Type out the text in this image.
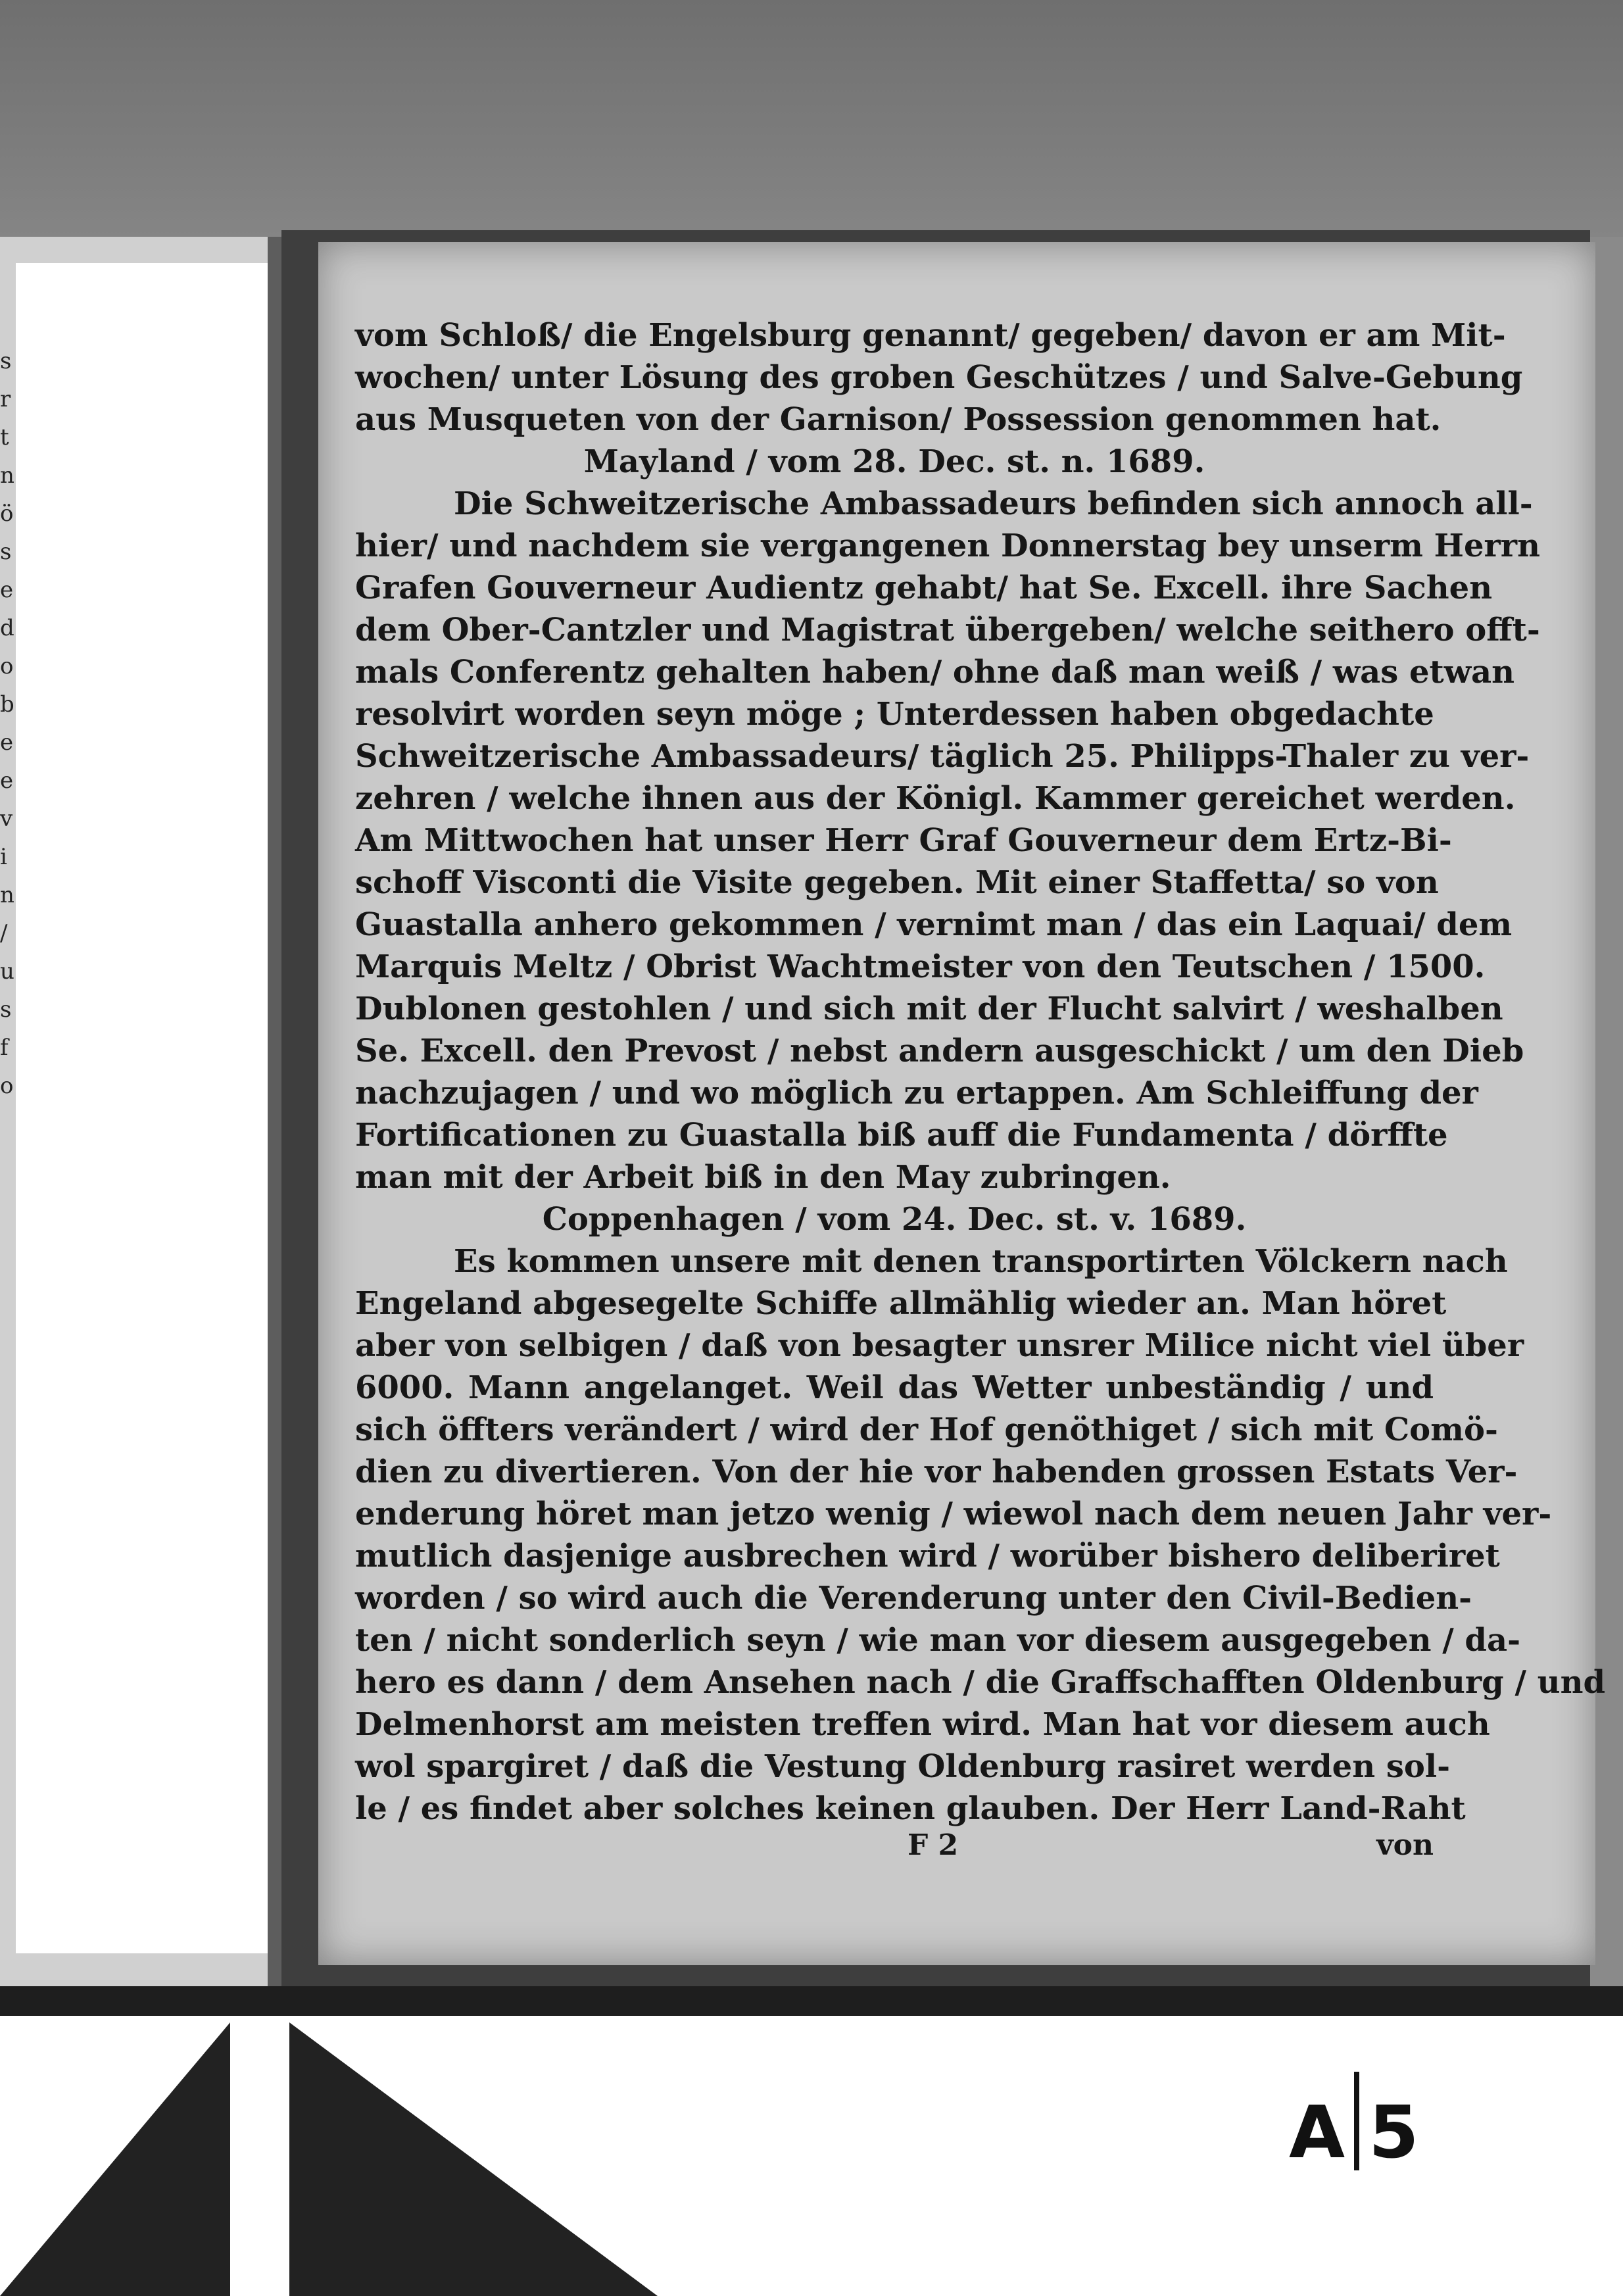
s
r
t
n
ö
s
e
d
o
b
e
e
v
i
n
/
u
s
f
o
vom Schloß/ die Engelsburg genannt/ gegeben/ davon er am Mit-
wochen/ unter Lösung des groben Geschützes / und Salve-Gebung
aus Musqueten von der Garnison/ Possession genommen hat.
Mayland / vom 28. Dec. st. n. 1689.
Die Schweitzerische Ambassadeurs befinden sich annoch all-
hier/ und nachdem sie vergangenen Donnerstag bey unserm Herrn
Grafen Gouverneur Audientz gehabt/ hat Se. Excell. ihre Sachen
dem Ober-Cantzler und Magistrat übergeben/ welche seithero offt-
mals Conferentz gehalten haben/ ohne daß man weiß / was etwan
resolvirt worden seyn möge ; Unterdessen haben obgedachte
Schweitzerische Ambassadeurs/ täglich 25. Philipps-Thaler zu ver-
zehren / welche ihnen aus der Königl. Kammer gereichet werden.
Am Mittwochen hat unser Herr Graf Gouverneur dem Ertz-Bi-
schoff Visconti die Visite gegeben. Mit einer Staffetta/ so von
Guastalla anhero gekommen / vernimt man / das ein Laquai/ dem
Marquis Meltz / Obrist Wachtmeister von den Teutschen / 1500.
Dublonen gestohlen / und sich mit der Flucht salvirt / weshalben
Se. Excell. den Prevost / nebst andern ausgeschickt / um den Dieb
nachzujagen / und wo möglich zu ertappen. Am Schleiffung der
Fortificationen zu Guastalla biß auff die Fundamenta / dörffte
man mit der Arbeit biß in den May zubringen.
Coppenhagen / vom 24. Dec. st. v. 1689.
Es kommen unsere mit denen transportirten Völckern nach
Engeland abgesegelte Schiffe allmählig wieder an. Man höret
aber von selbigen / daß von besagter unsrer Milice nicht viel über
6000. Mann angelanget. Weil das Wetter unbeständig / und
sich öffters verändert / wird der Hof genöthiget / sich mit Comö-
dien zu divertieren. Von der hie vor habenden grossen Estats Ver-
enderung höret man jetzo wenig / wiewol nach dem neuen Jahr ver-
mutlich dasjenige ausbrechen wird / worüber bishero deliberiret
worden / so wird auch die Verenderung unter den Civil-Bedien-
ten / nicht sonderlich seyn / wie man vor diesem ausgegeben / da-
hero es dann / dem Ansehen nach / die Graffschafften Oldenburg / und
Delmenhorst am meisten treffen wird. Man hat vor diesem auch
wol spargiret / daß die Vestung Oldenburg rasiret werden sol-
le / es findet aber solches keinen glauben. Der Herr Land-Raht
F 2	von
A 5
